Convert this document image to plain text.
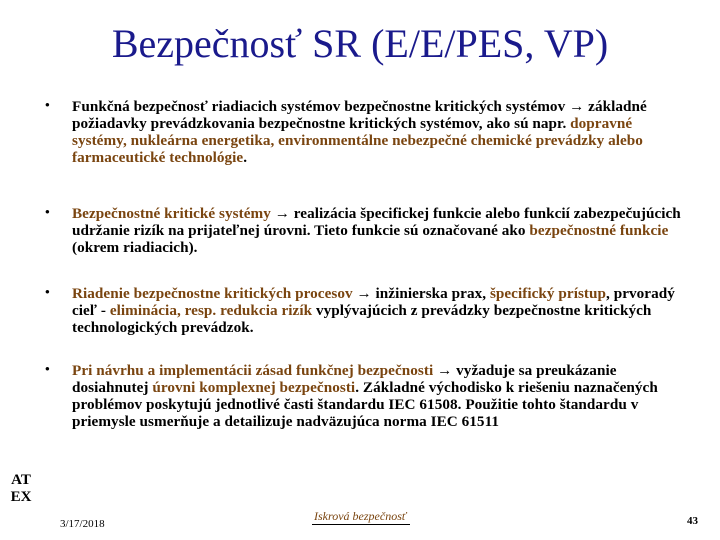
Bezpečnosť SR (E/E/PES, VP)
•	Funkčná bezpečnosť riadiacich systémov bezpečnostne kritických systémov → základné požiadavky prevádzkovania bezpečnostne kritických systémov, ako sú napr. dopravné systémy, nukleárna energetika, environmentálne nebezpečné chemické prevádzky alebo farmaceutické technológie.
•	Bezpečnostné kritické systémy → realizácia špecifickej funkcie alebo funkcií zabezpečujúcich udržanie rizík na prijateľnej úrovni. Tieto funkcie sú označované ako bezpečnostné funkcie (okrem riadiacich).
•	Riadenie bezpečnostne kritických procesov → inžinierska prax, špecifický prístup, prvoradý cieľ - eliminácia, resp. redukcia rizík vyplývajúcich z prevádzky bezpečnostne kritických technologických prevádzok.
•	Pri návrhu a implementácii zásad funkčnej bezpečnosti → vyžaduje sa preukázanie dosiahnutej úrovni komplexnej bezpečnosti. Základné východisko k riešeniu naznačených problémov poskytujú jednotlivé časti štandardu IEC 61508. Použitie tohto štandardu v priemysle usmerňuje a detailizuje nadväzujúca norma IEC 61511
AT
EX
3/17/2018
Iskrová bezpečnosť	43
